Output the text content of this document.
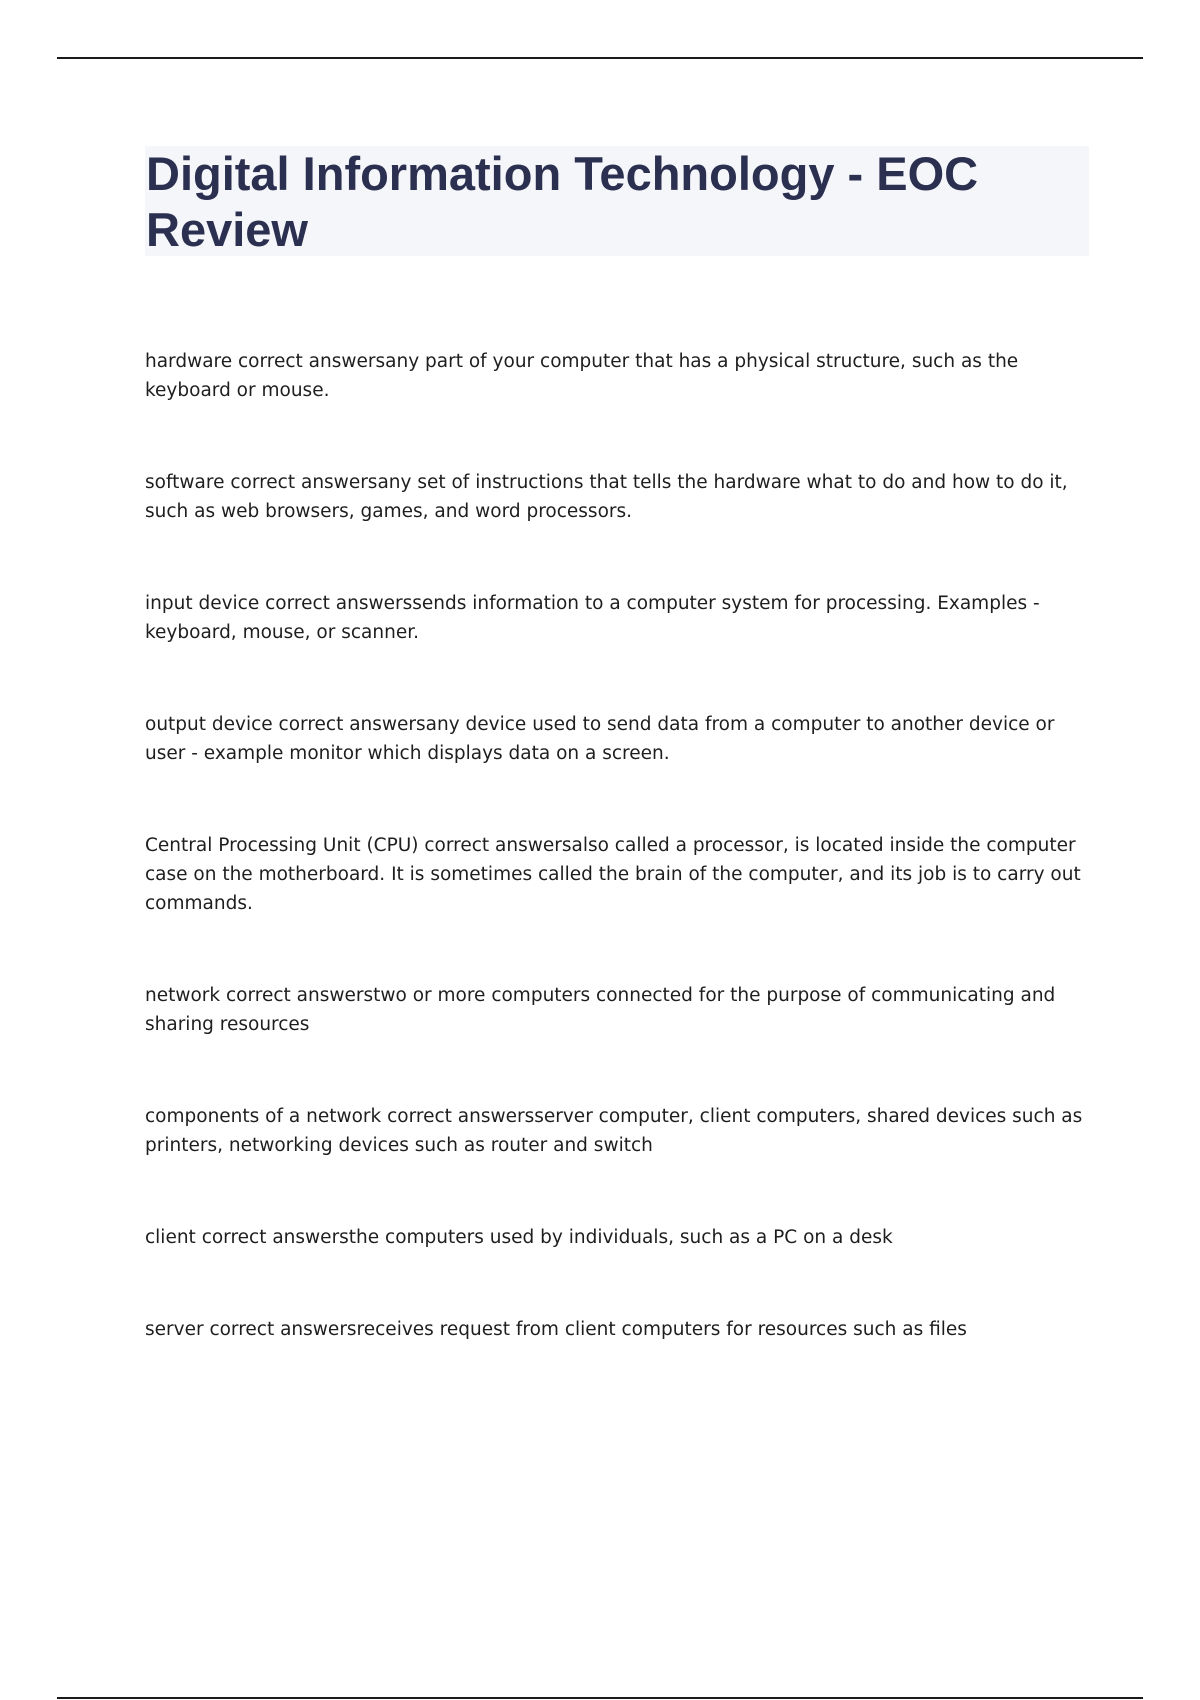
Digital Information Technology - EOC Review

hardware correct answersany part of your computer that has a physical structure, such as the keyboard or mouse.

software correct answersany set of instructions that tells the hardware what to do and how to do it, such as web browsers, games, and word processors.

input device correct answerssends information to a computer system for processing. Examples - keyboard, mouse, or scanner.

output device correct answersany device used to send data from a computer to another device or user - example monitor which displays data on a screen.

Central Processing Unit (CPU) correct answersalso called a processor, is located inside the computer case on the motherboard. It is sometimes called the brain of the computer, and its job is to carry out commands.

network correct answerstwo or more computers connected for the purpose of communicating and sharing resources

components of a network correct answersserver computer, client computers, shared devices such as printers, networking devices such as router and switch

client correct answersthe computers used by individuals, such as a PC on a desk

server correct answersreceives request from client computers for resources such as files
